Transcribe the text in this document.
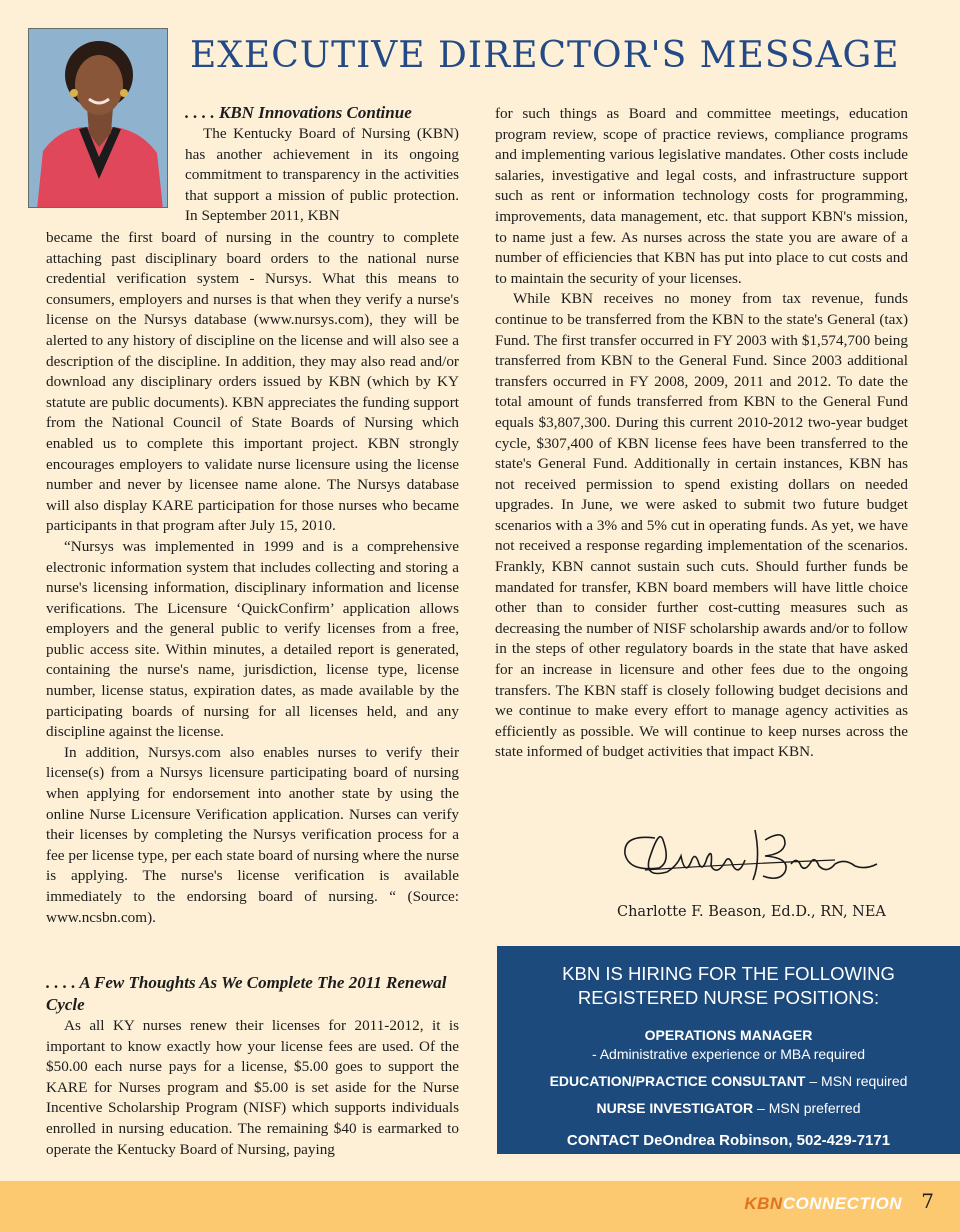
EXECUTIVE DIRECTOR'S MESSAGE
. . . . KBN Innovations Continue

The Kentucky Board of Nursing (KBN) has another achievement in its ongoing commitment to transparency in the activities that support a mission of public protection. In September 2011, KBN

became the first board of nursing in the country to complete attaching past disciplinary board orders to the national nurse credential verification system - Nursys. What this means to consumers, employers and nurses is that when they verify a nurse's license on the Nursys database (www.nursys.com), they will be alerted to any history of discipline on the license and will also see a description of the discipline. In addition, they may also read and/or download any disciplinary orders issued by KBN (which by KY statute are public documents). KBN appreciates the funding support from the National Council of State Boards of Nursing which enabled us to complete this important project. KBN strongly encourages employers to validate nurse licensure using the license number and never by licensee name alone. The Nursys database will also display KARE participation for those nurses who became participants in that program after July 15, 2010.

“Nursys was implemented in 1999 and is a comprehensive electronic information system that includes collecting and storing a nurse's licensing information, disciplinary information and license verifications. The Licensure ‘QuickConfirm’ application allows employers and the general public to verify licenses from a free, public access site. Within minutes, a detailed report is generated, containing the nurse's name, jurisdiction, license type, license number, license status, expiration dates, as made available by the participating boards of nursing for all licenses held, and any discipline against the license.

In addition, Nursys.com also enables nurses to verify their license(s) from a Nursys licensure participating board of nursing when applying for endorsement into another state by using the online Nurse Licensure Verification application. Nurses can verify their licenses by completing the Nursys verification process for a fee per license type, per each state board of nursing where the nurse is applying. The nurse's license verification is available immediately to the endorsing board of nursing. “ (Source: www.ncsbn.com).

. . . . A Few Thoughts As We Complete The 2011 Renewal Cycle

As all KY nurses renew their licenses for 2011-2012, it is important to know exactly how your license fees are used. Of the $50.00 each nurse pays for a license, $5.00 goes to support the KARE for Nurses program and $5.00 is set aside for the Nurse Incentive Scholarship Program (NISF) which supports individuals enrolled in nursing education. The remaining $40 is earmarked to operate the Kentucky Board of Nursing, paying

for such things as Board and committee meetings, education program review, scope of practice reviews, compliance programs and implementing various legislative mandates. Other costs include salaries, investigative and legal costs, and infrastructure support such as rent or information technology costs for programming, improvements, data management, etc. that support KBN's mission, to name just a few. As nurses across the state you are aware of a number of efficiencies that KBN has put into place to cut costs and to maintain the security of your licenses.

While KBN receives no money from tax revenue, funds continue to be transferred from the KBN to the state's General (tax) Fund. The first transfer occurred in FY 2003 with $1,574,700 being transferred from KBN to the General Fund. Since 2003 additional transfers occurred in FY 2008, 2009, 2011 and 2012. To date the total amount of funds transferred from KBN to the General Fund equals $3,807,300. During this current 2010-2012 two-year budget cycle, $307,400 of KBN license fees have been transferred to the state's General Fund. Additionally in certain instances, KBN has not received permission to spend existing dollars on needed upgrades. In June, we were asked to submit two future budget scenarios with a 3% and 5% cut in operating funds. As yet, we have not received a response regarding implementation of the scenarios. Frankly, KBN cannot sustain such cuts. Should further funds be mandated for transfer, KBN board members will have little choice other than to consider further cost-cutting measures such as decreasing the number of NISF scholarship awards and/or to follow in the steps of other regulatory boards in the state that have asked for an increase in licensure and other fees due to the ongoing transfers. The KBN staff is closely following budget decisions and we continue to make every effort to manage agency activities as efficiently as possible. We will continue to keep nurses across the state informed of budget activities that impact KBN.

Charlotte F. Beason, Ed.D., RN, NEA
KBN IS HIRING FOR THE FOLLOWING REGISTERED NURSE POSITIONS:
OPERATIONS MANAGER
- Administrative experience or MBA required
EDUCATION/PRACTICE CONSULTANT – MSN required
NURSE INVESTIGATOR – MSN preferred
CONTACT DeOndrea Robinson, 502-429-7171
KBNCONNECTION 7
